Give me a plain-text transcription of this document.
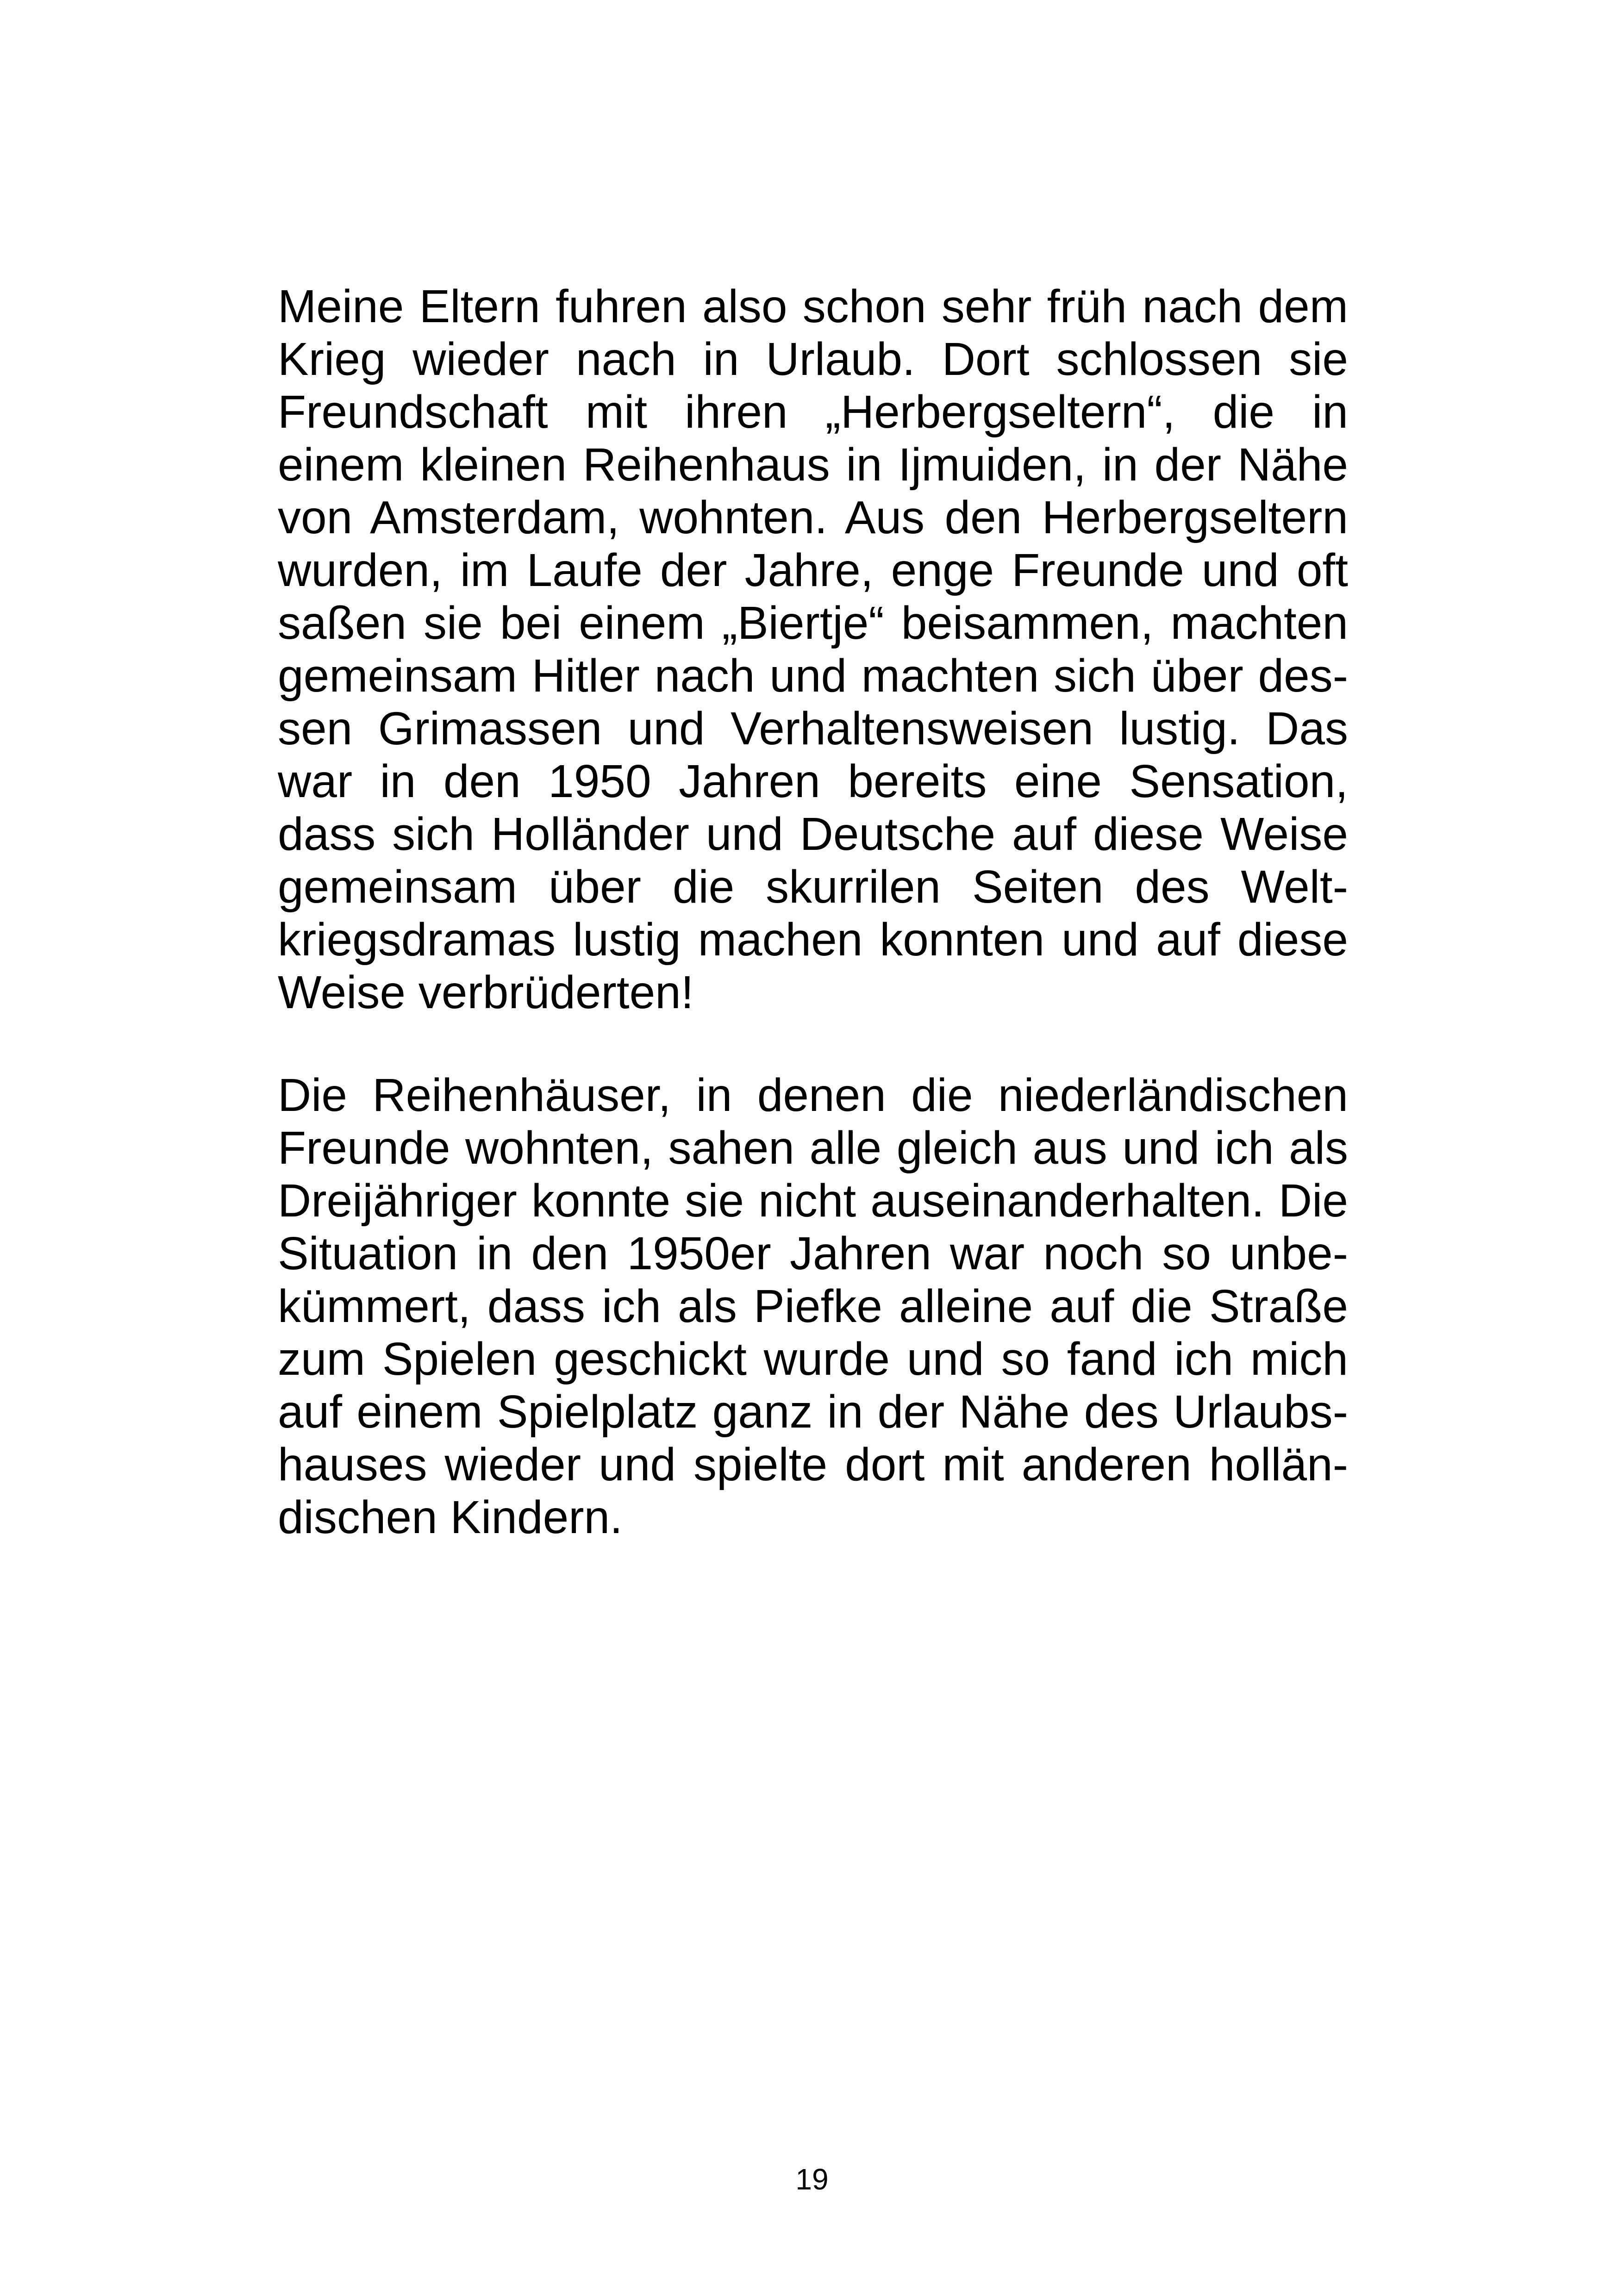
Meine Eltern fuhren also schon sehr früh nach dem
Krieg wieder nach in Urlaub. Dort schlossen sie
Freundschaft mit ihren „Herbergseltern“, die in
einem kleinen Reihenhaus in Ijmuiden, in der Nähe
von Amsterdam, wohnten. Aus den Herbergseltern
wurden, im Laufe der Jahre, enge Freunde und oft
saßen sie bei einem „Biertje“ beisammen, machten
gemeinsam Hitler nach und machten sich über des-
sen Grimassen und Verhaltensweisen lustig. Das
war in den 1950 Jahren bereits eine Sensation,
dass sich Holländer und Deutsche auf diese Weise
gemeinsam über die skurrilen Seiten des Welt-
kriegsdramas lustig machen konnten und auf diese
Weise verbrüderten!
Die Reihenhäuser, in denen die niederländischen
Freunde wohnten, sahen alle gleich aus und ich als
Dreijähriger konnte sie nicht auseinanderhalten. Die
Situation in den 1950er Jahren war noch so unbe-
kümmert, dass ich als Piefke alleine auf die Straße
zum Spielen geschickt wurde und so fand ich mich
auf einem Spielplatz ganz in der Nähe des Urlaubs-
hauses wieder und spielte dort mit anderen hollän-
dischen Kindern.
19
